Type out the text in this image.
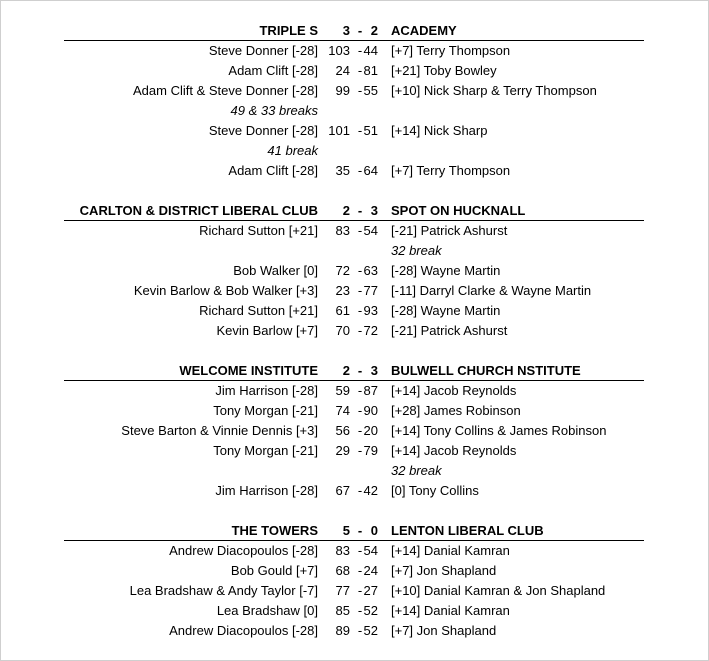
TRIPLE S	3 - 2 ACADEMY
Steve Donner [-28] 103 - 44 [+7] Terry Thompson
Adam Clift [-28]	24 - 81 [+21] Toby Bowley
Adam Clift & Steve Donner [-28]	99 - 55 [+10] Nick Sharp & Terry Thompson
49 & 33 breaks
Steve Donner [-28] 101 - 51 [+14] Nick Sharp
41 break
Adam Clift [-28]	35 - 64 [+7] Terry Thompson
CARLTON & DISTRICT LIBERAL CLUB	2 - 3 SPOT ON HUCKNALL
Richard Sutton [+21]	83 - 54 [-21] Patrick Ashurst
32 break
Bob Walker [0]	72 - 63 [-28] Wayne Martin
Kevin Barlow & Bob Walker [+3]	23 - 77 [-11] Darryl Clarke & Wayne Martin
Richard Sutton [+21]	61 - 93 [-28] Wayne Martin
Kevin Barlow [+7]	70 - 72 [-21] Patrick Ashurst
WELCOME INSTITUTE	2 - 3 BULWELL CHURCH NSTITUTE
Jim Harrison [-28]	59 - 87 [+14] Jacob Reynolds
Tony Morgan [-21]	74 - 90 [+28] James Robinson
Steve Barton & Vinnie Dennis [+3]	56 - 20 [+14] Tony Collins & James Robinson
Tony Morgan [-21]	29 - 79 [+14] Jacob Reynolds
32 break
Jim Harrison [-28]	67 - 42 [0] Tony Collins
THE TOWERS	5 - 0 LENTON LIBERAL CLUB
Andrew Diacopoulos [-28]	83 - 54 [+14] Danial Kamran
Bob Gould [+7]	68 - 24 [+7] Jon Shapland
Lea Bradshaw & Andy Taylor [-7]	77 - 27 [+10] Danial Kamran & Jon Shapland
Lea Bradshaw [0]	85 - 52 [+14] Danial Kamran
Andrew Diacopoulos [-28]	89 - 52 [+7] Jon Shapland
